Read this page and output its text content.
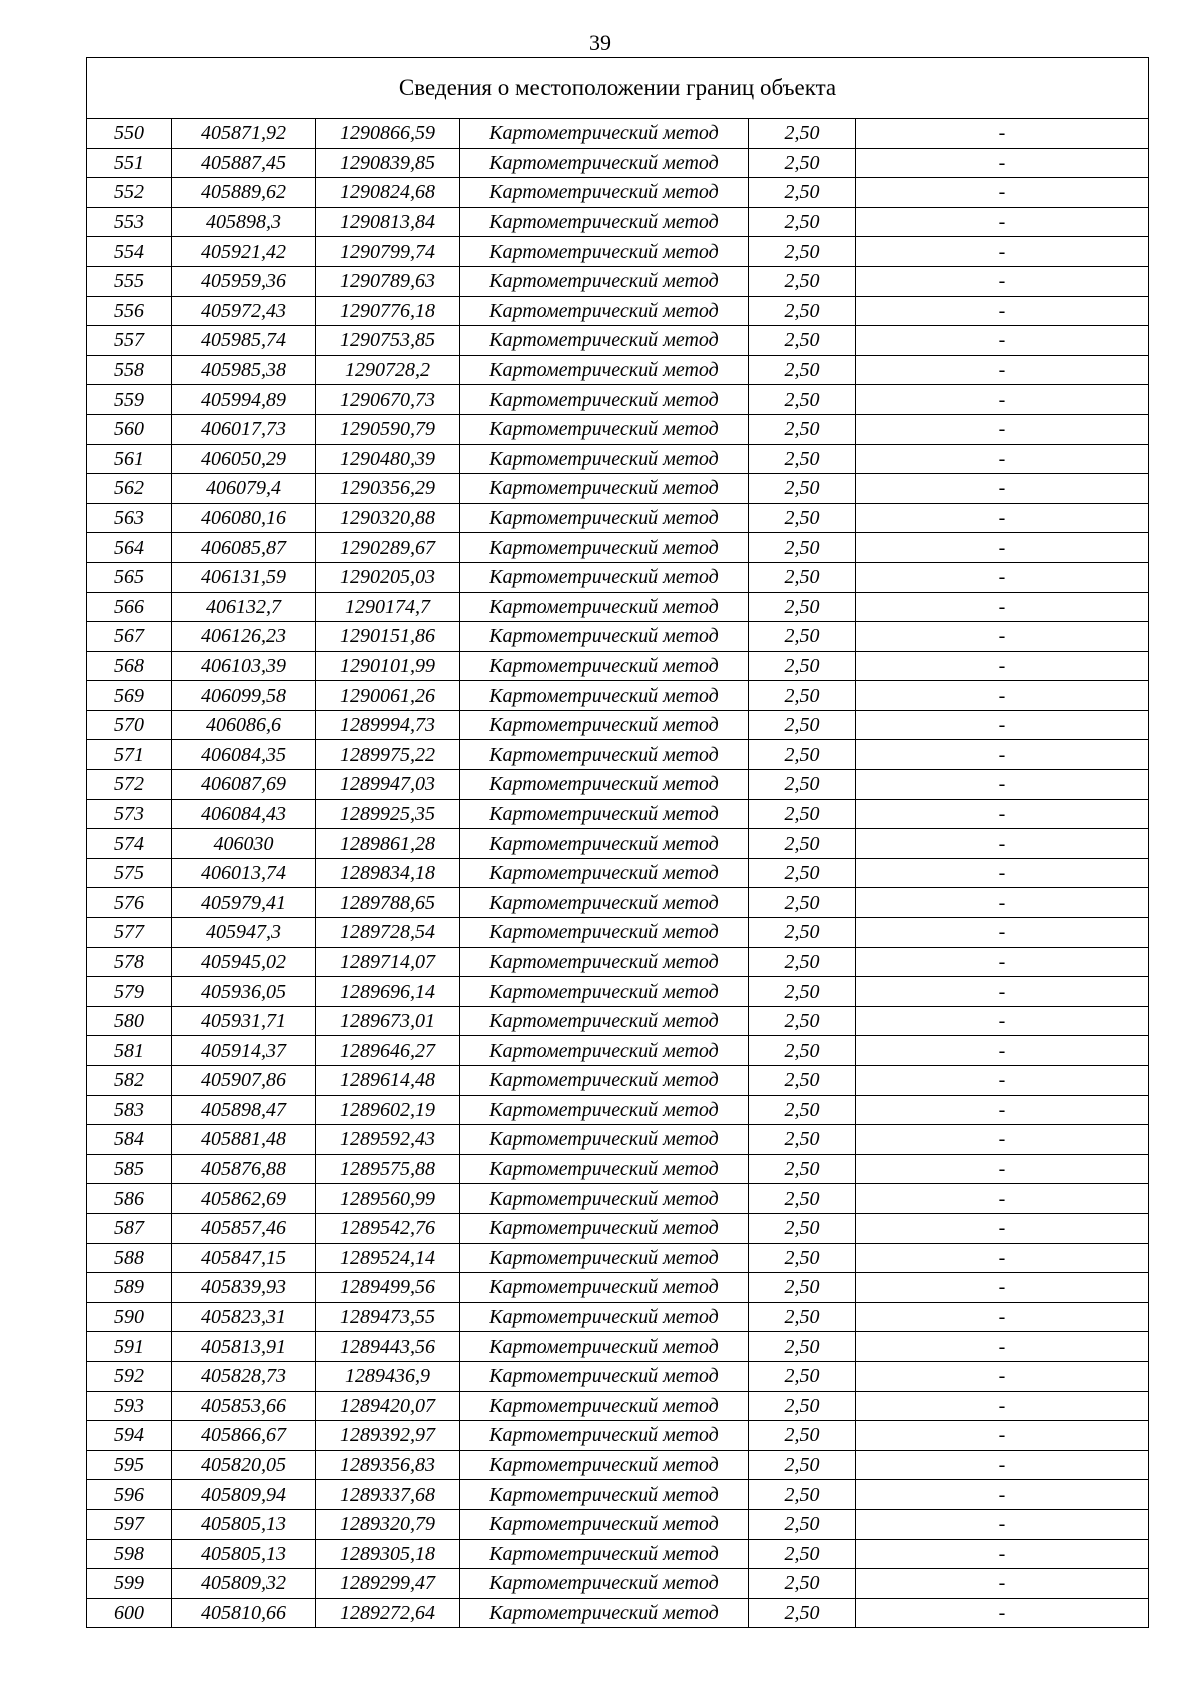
39
Сведения о местоположении границ объекта					
550	405871,92	1290866,59	Картометрический метод	2,50	-
551	405887,45	1290839,85	Картометрический метод	2,50	-
552	405889,62	1290824,68	Картометрический метод	2,50	-
553	405898,3	1290813,84	Картометрический метод	2,50	-
554	405921,42	1290799,74	Картометрический метод	2,50	-
555	405959,36	1290789,63	Картометрический метод	2,50	-
556	405972,43	1290776,18	Картометрический метод	2,50	-
557	405985,74	1290753,85	Картометрический метод	2,50	-
558	405985,38	1290728,2	Картометрический метод	2,50	-
559	405994,89	1290670,73	Картометрический метод	2,50	-
560	406017,73	1290590,79	Картометрический метод	2,50	-
561	406050,29	1290480,39	Картометрический метод	2,50	-
562	406079,4	1290356,29	Картометрический метод	2,50	-
563	406080,16	1290320,88	Картометрический метод	2,50	-
564	406085,87	1290289,67	Картометрический метод	2,50	-
565	406131,59	1290205,03	Картометрический метод	2,50	-
566	406132,7	1290174,7	Картометрический метод	2,50	-
567	406126,23	1290151,86	Картометрический метод	2,50	-
568	406103,39	1290101,99	Картометрический метод	2,50	-
569	406099,58	1290061,26	Картометрический метод	2,50	-
570	406086,6	1289994,73	Картометрический метод	2,50	-
571	406084,35	1289975,22	Картометрический метод	2,50	-
572	406087,69	1289947,03	Картометрический метод	2,50	-
573	406084,43	1289925,35	Картометрический метод	2,50	-
574	406030	1289861,28	Картометрический метод	2,50	-
575	406013,74	1289834,18	Картометрический метод	2,50	-
576	405979,41	1289788,65	Картометрический метод	2,50	-
577	405947,3	1289728,54	Картометрический метод	2,50	-
578	405945,02	1289714,07	Картометрический метод	2,50	-
579	405936,05	1289696,14	Картометрический метод	2,50	-
580	405931,71	1289673,01	Картометрический метод	2,50	-
581	405914,37	1289646,27	Картометрический метод	2,50	-
582	405907,86	1289614,48	Картометрический метод	2,50	-
583	405898,47	1289602,19	Картометрический метод	2,50	-
584	405881,48	1289592,43	Картометрический метод	2,50	-
585	405876,88	1289575,88	Картометрический метод	2,50	-
586	405862,69	1289560,99	Картометрический метод	2,50	-
587	405857,46	1289542,76	Картометрический метод	2,50	-
588	405847,15	1289524,14	Картометрический метод	2,50	-
589	405839,93	1289499,56	Картометрический метод	2,50	-
590	405823,31	1289473,55	Картометрический метод	2,50	-
591	405813,91	1289443,56	Картометрический метод	2,50	-
592	405828,73	1289436,9	Картометрический метод	2,50	-
593	405853,66	1289420,07	Картометрический метод	2,50	-
594	405866,67	1289392,97	Картометрический метод	2,50	-
595	405820,05	1289356,83	Картометрический метод	2,50	-
596	405809,94	1289337,68	Картометрический метод	2,50	-
597	405805,13	1289320,79	Картометрический метод	2,50	-
598	405805,13	1289305,18	Картометрический метод	2,50	-
599	405809,32	1289299,47	Картометрический метод	2,50	-
600	405810,66	1289272,64	Картометрический метод	2,50	-
